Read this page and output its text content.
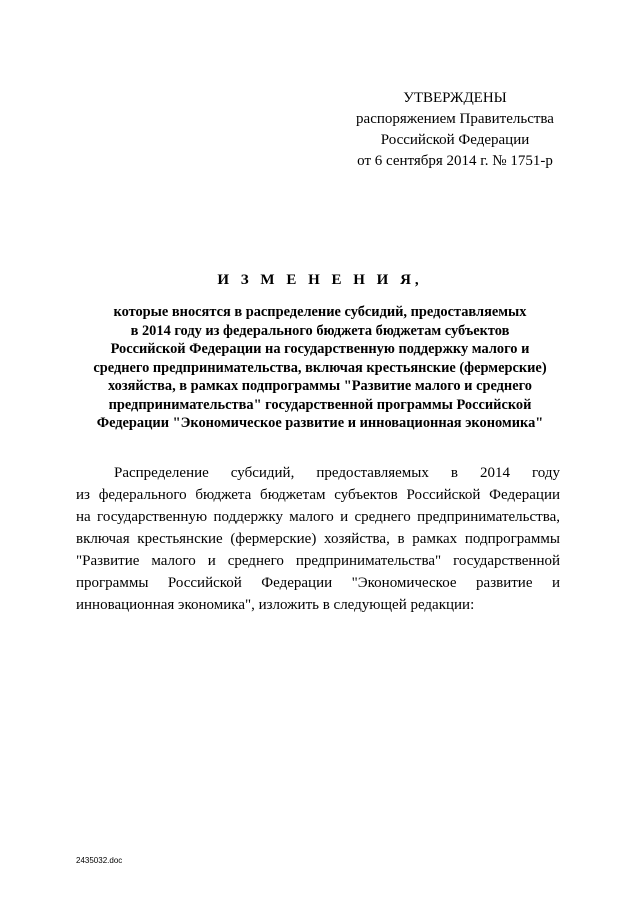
УТВЕРЖДЕНЫ
распоряжением Правительства
Российской Федерации
от 6 сентября 2014 г. № 1751-р
И З М Е Н Е Н И Я,
которые вносятся в распределение субсидий, предоставляемых
в 2014 году из федерального бюджета бюджетам субъектов
Российской Федерации на государственную поддержку малого и
среднего предпринимательства, включая крестьянские (фермерские)
хозяйства, в рамках подпрограммы "Развитие малого и среднего
предпринимательства" государственной программы Российской
Федерации "Экономическое развитие и инновационная экономика"
Распределение субсидий, предоставляемых в 2014 году
из федерального бюджета бюджетам субъектов Российской Федерации
на государственную поддержку малого и среднего предпринимательства,
включая крестьянские (фермерские) хозяйства, в рамках подпрограммы
"Развитие малого и среднего предпринимательства" государственной
программы Российской Федерации "Экономическое развитие и
инновационная экономика", изложить в следующей редакции:
2435032.doc
